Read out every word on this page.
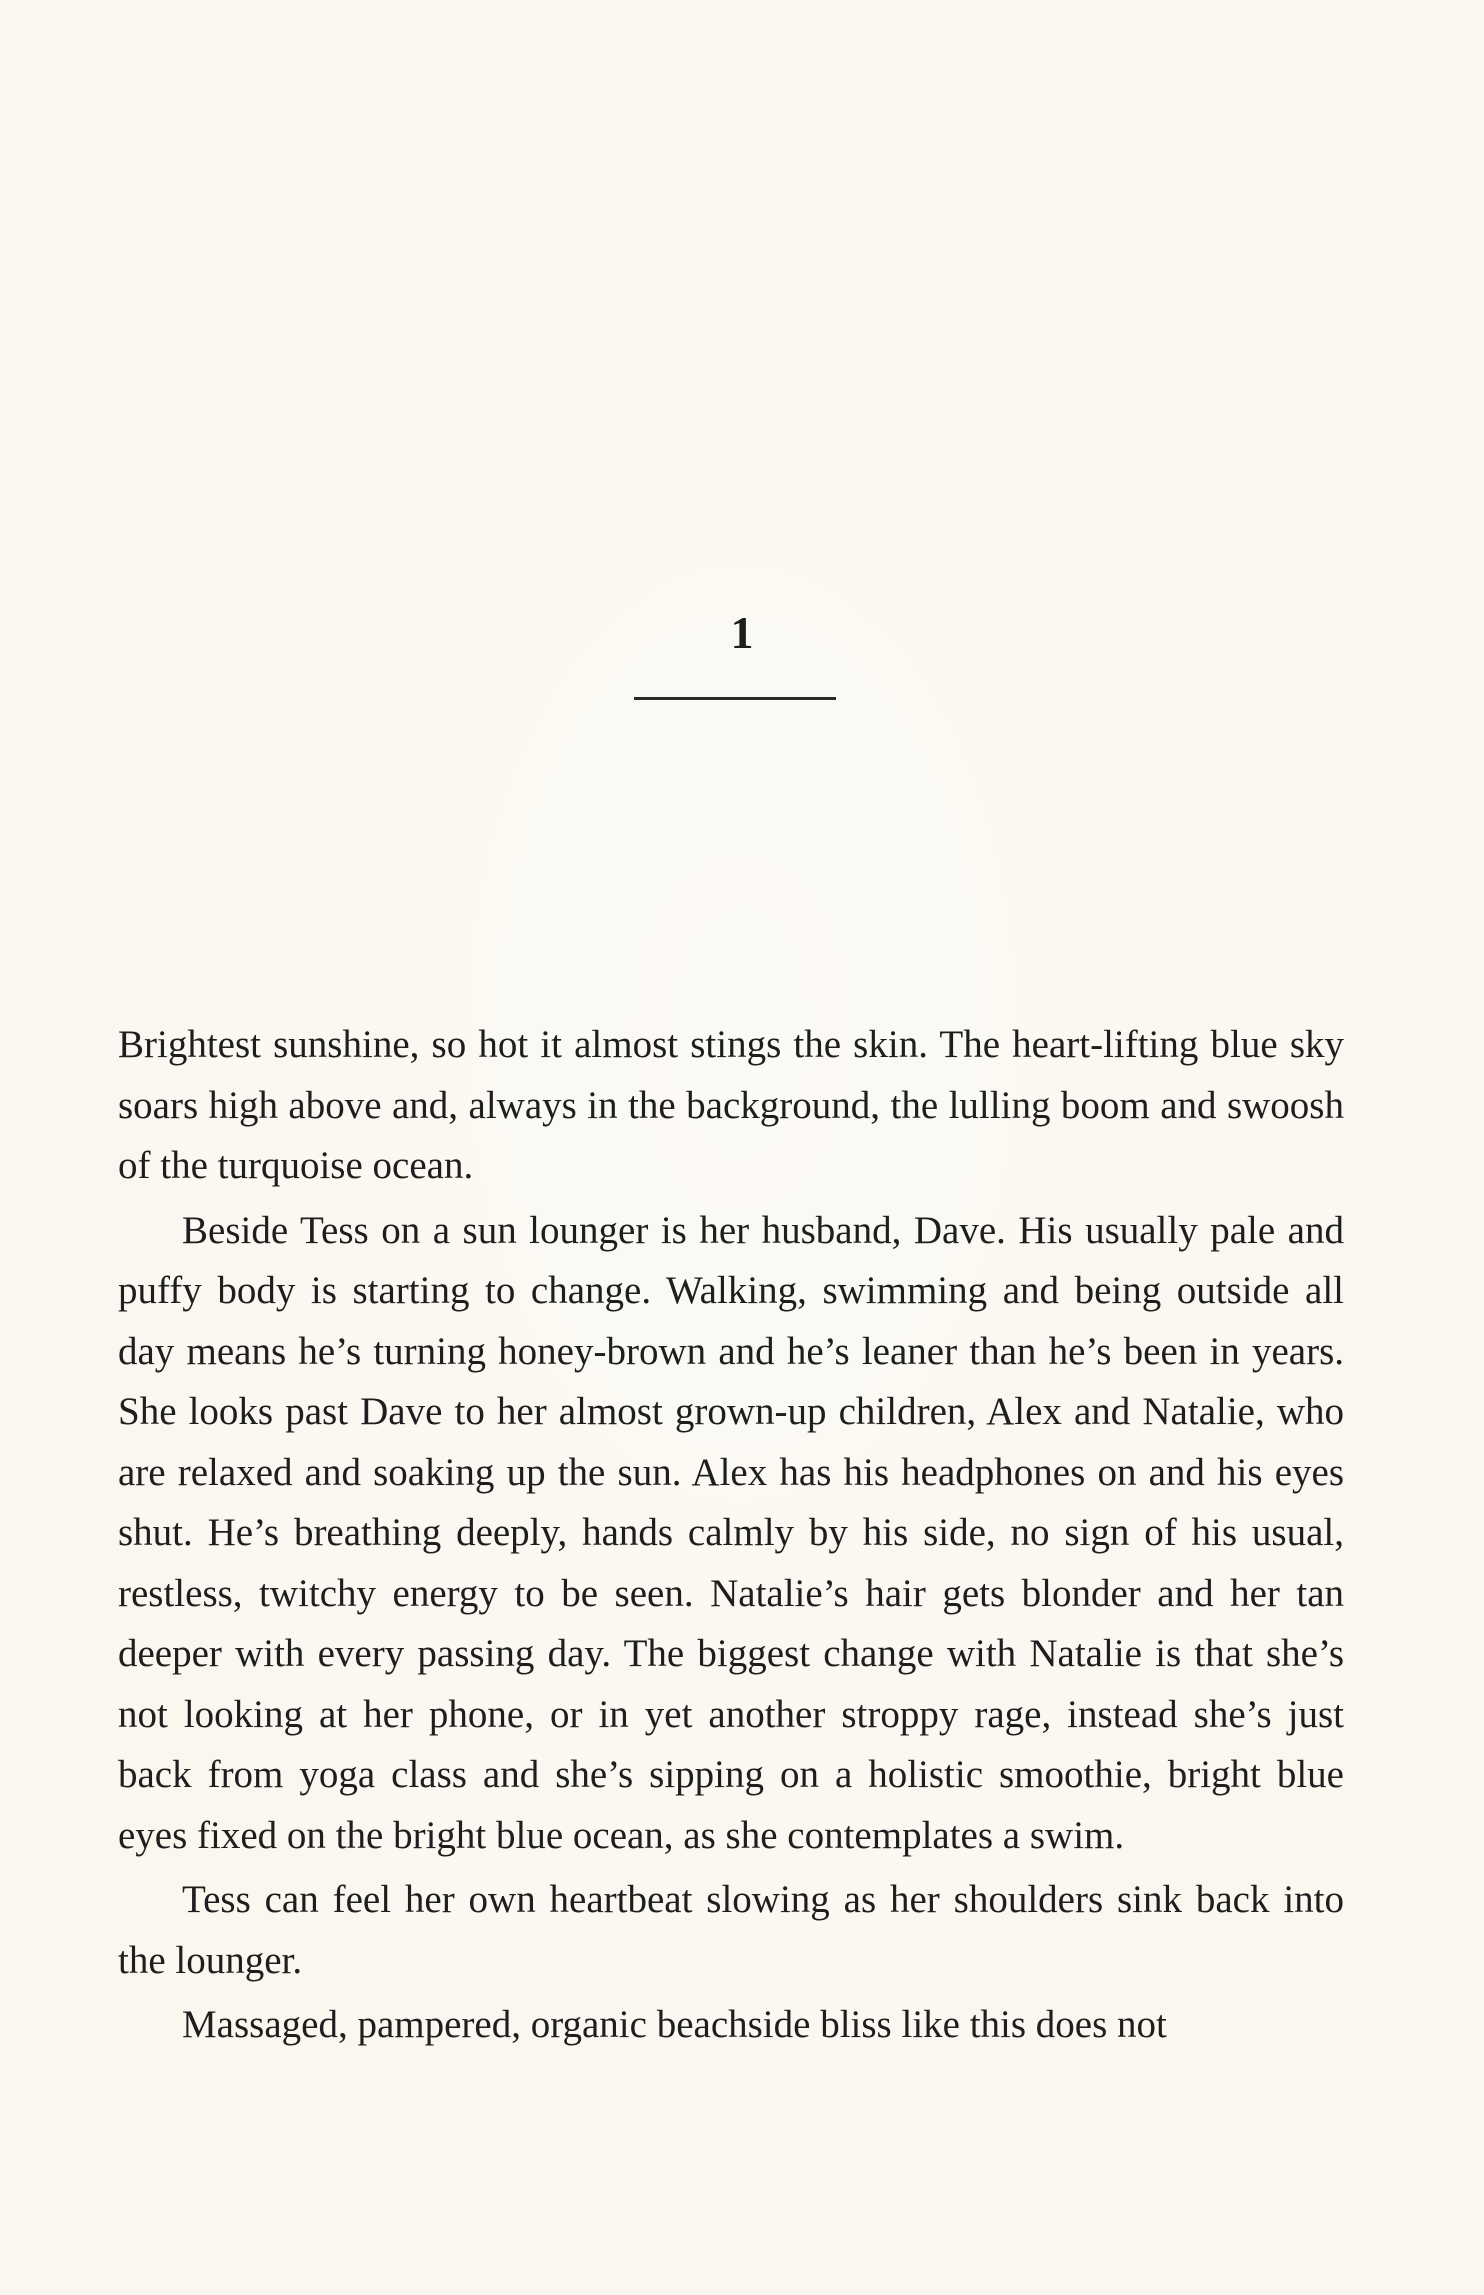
1

Brightest sunshine, so hot it almost stings the skin. The heart-lifting blue sky soars high above and, always in the background, the lulling boom and swoosh of the turquoise ocean.

Beside Tess on a sun lounger is her husband, Dave. His usually pale and puffy body is starting to change. Walking, swimming and being outside all day means he’s turning honey-brown and he’s leaner than he’s been in years. She looks past Dave to her almost grown-up children, Alex and Natalie, who are relaxed and soaking up the sun. Alex has his headphones on and his eyes shut. He’s breathing deeply, hands calmly by his side, no sign of his usual, restless, twitchy energy to be seen. Natalie’s hair gets blonder and her tan deeper with every passing day. The biggest change with Natalie is that she’s not looking at her phone, or in yet another stroppy rage, instead she’s just back from yoga class and she’s sipping on a holistic smoothie, bright blue eyes fixed on the bright blue ocean, as she contemplates a swim.

Tess can feel her own heartbeat slowing as her shoulders sink back into the lounger.

Massaged, pampered, organic beachside bliss like this does not
